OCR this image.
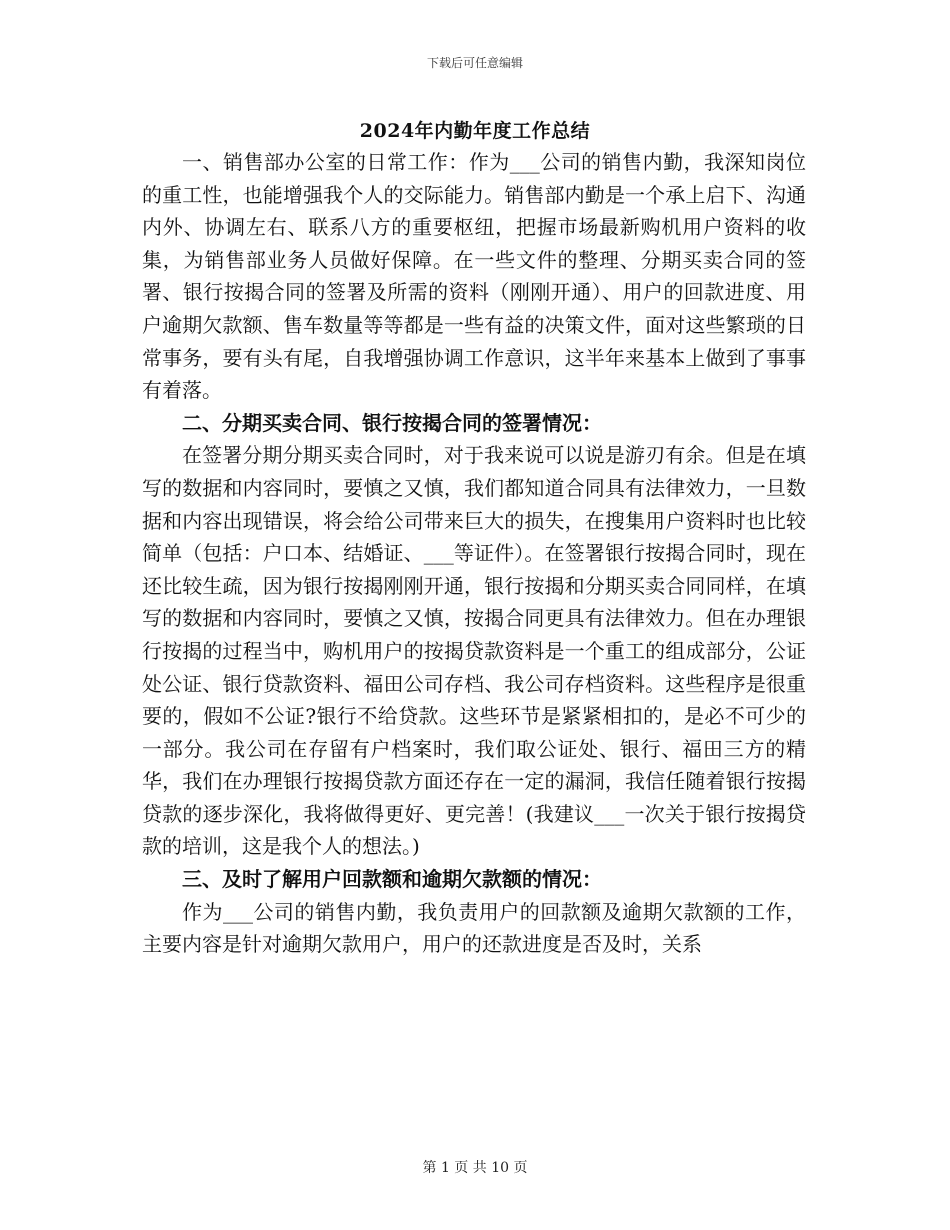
下载后可任意编辑
2024年内勤年度工作总结

一、销售部办公室的日常工作：作为___公司的销售内勤，我深知岗位的重工性，也能增强我个人的交际能力。销售部内勤是一个承上启下、沟通内外、协调左右、联系八方的重要枢纽，把握市场最新购机用户资料的收集，为销售部业务人员做好保障。在一些文件的整理、分期买卖合同的签署、银行按揭合同的签署及所需的资料（刚刚开通）、用户的回款进度、用户逾期欠款额、售车数量等等都是一些有益的决策文件，面对这些繁琐的日常事务，要有头有尾，自我增强协调工作意识，这半年来基本上做到了事事有着落。

二、分期买卖合同、银行按揭合同的签署情况：

在签署分期分期买卖合同时，对于我来说可以说是游刃有余。但是在填写的数据和内容同时，要慎之又慎，我们都知道合同具有法律效力，一旦数据和内容出现错误，将会给公司带来巨大的损失，在搜集用户资料时也比较简单（包括：户口本、结婚证、___等证件）。在签署银行按揭合同时，现在还比较生疏，因为银行按揭刚刚开通，银行按揭和分期买卖合同同样，在填写的数据和内容同时，要慎之又慎，按揭合同更具有法律效力。但在办理银行按揭的过程当中，购机用户的按揭贷款资料是一个重工的组成部分，公证处公证、银行贷款资料、福田公司存档、我公司存档资料。这些程序是很重要的，假如不公证?银行不给贷款。这些环节是紧紧相扣的，是必不可少的一部分。我公司在存留有户档案时，我们取公证处、银行、福田三方的精华，我们在办理银行按揭贷款方面还存在一定的漏洞，我信任随着银行按揭贷款的逐步深化，我将做得更好、更完善！(我建议___一次关于银行按揭贷款的培训，这是我个人的想法。)

三、及时了解用户回款额和逾期欠款额的情况：

作为___公司的销售内勤，我负责用户的回款额及逾期欠款额的工作，主要内容是针对逾期欠款用户，用户的还款进度是否及时，关系

第 1 页 共 10 页
